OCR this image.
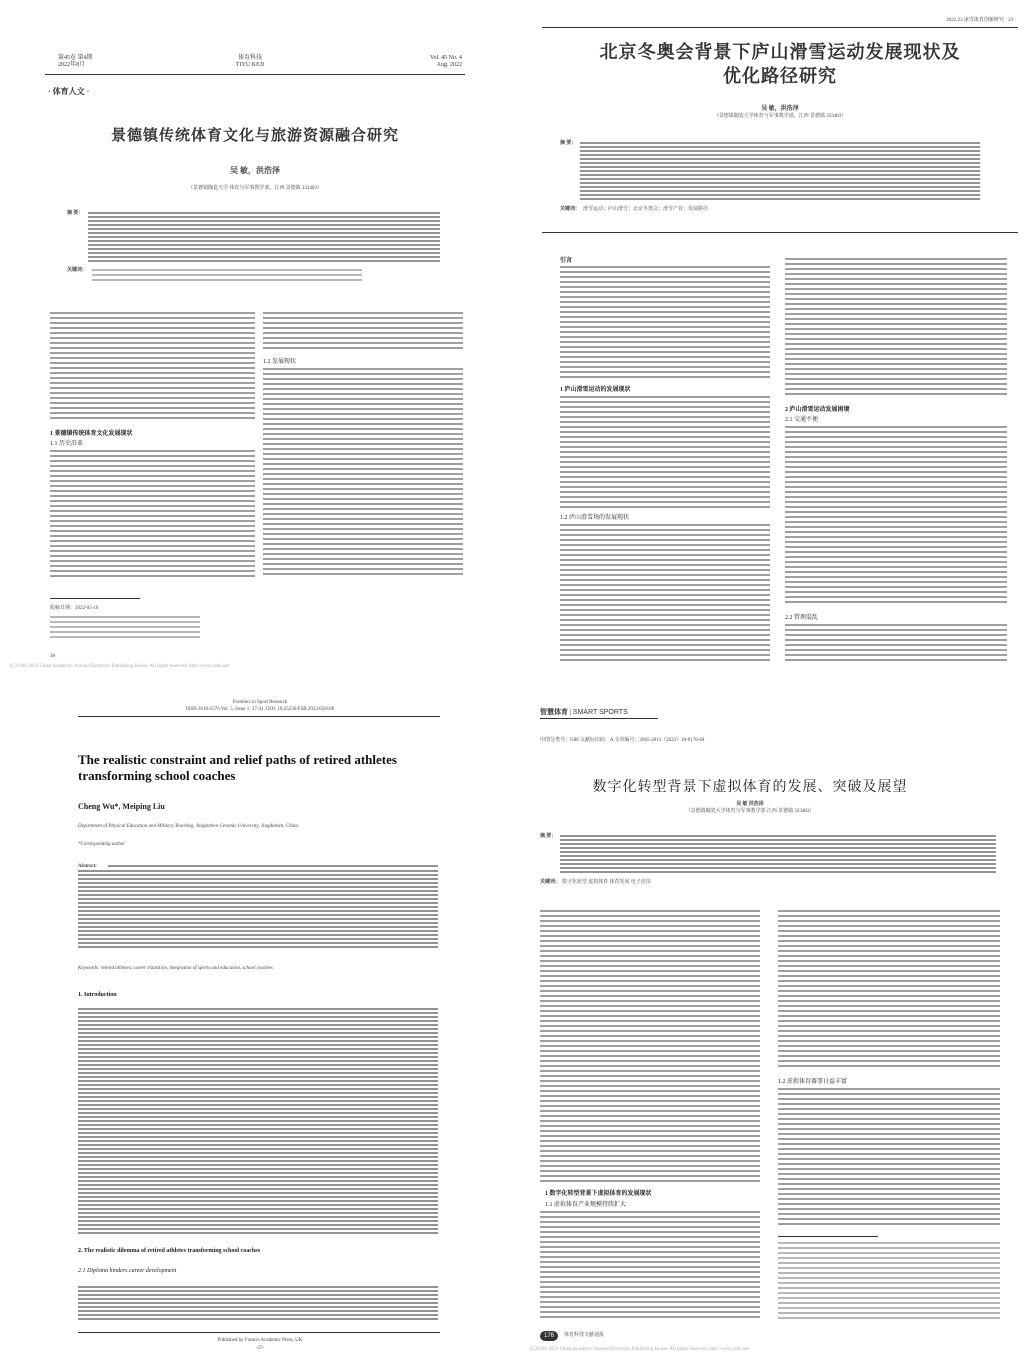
第45卷 第4期
2022年8月
体育科技
TIYU KEJI
Vol. 45 No. 4
Aug. 2022
· 体育人文 ·
景德镇传统体育文化与旅游资源融合研究
吴 敏，洪浩泽
（景德镇陶瓷大学 体育与军事教学部，江西 景德镇 333403）
摘 要：
关键词：
1 景德镇传统体育文化发展现状
1.1 历史沿革
1.2 发展现状
收稿日期：2022-05-16
38
(C)1994-2023 China Academic Journal Electronic Publishing House. All rights reserved. http://www.cnki.net
2022.23 冰雪体育创新研究 · 23 ·
北京冬奥会背景下庐山滑雪运动发展现状及
优化路径研究
吴 敏，洪浩泽
（景德镇陶瓷大学体育与军事教学部，江西 景德镇 333403）
摘 要：
关键词： 滑雪运动；庐山滑雪；北京冬奥会；滑雪产业；发展路径
引言
1 庐山滑雪运动的发展现状
1.2 庐山滑雪场的发展现状
2 庐山滑雪运动发展困境
2.1 交通不便
2.2 管理混乱
Frontiers in Sport Research
ISSN 2618-1576 Vol. 5, Issue 1: 37-41, DOI: 10.25236/FSR.2023.050108
The realistic constraint and relief paths of retired athletes transforming school coaches
Cheng Wu*, Meiping Liu
Department of Physical Education and Military Teaching, Jingdezhen Ceramic University, Jingdezhen, China
*Corresponding author
Abstract:
Keywords: retired athletes, career transition, integration of sports and education, school coaches
1. Introduction
2. The realistic dilemma of retired athletes transforming school coaches
2.1 Diploma hinders career development
Published by Francis Academic Press, UK
-37-
智慧体育 | SMART SPORTS
中图分类号：G80 文献标识码：A 文章编号：2095-2813（2023）10-0176-04
数字化转型背景下虚拟体育的发展、突破及展望
吴 敏 洪浩泽
（景德镇陶瓷大学体育与军事教学部 江西 景德镇 333403）
摘 要：
关键词： 数字化转型 虚拟体育 体育发展 电子竞技
1 数字化转型背景下虚拟体育的发展现状
1.1 虚拟体育产业规模持续扩大
1.2 虚拟体育赛事日益丰富
176	体育科技文献通报
(C)1994-2023 China Academic Journal Electronic Publishing House. All rights reserved. http://www.cnki.net
